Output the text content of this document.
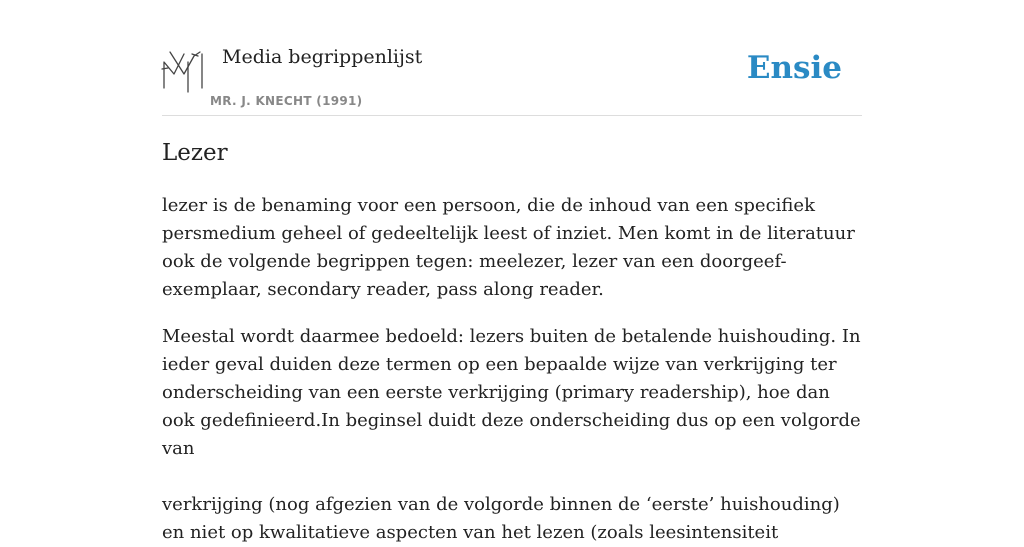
Media begrippenlijst
MR. J. KNECHT (1991)
Ensie
Lezer

lezer is de benaming voor een persoon, die de inhoud van een specifiek persmedium geheel of gedeeltelijk leest of inziet. Men komt in de literatuur ook de volgende begrippen tegen: meelezer, lezer van een doorgeef-exemplaar, secondary reader, pass along reader.

Meestal wordt daarmee bedoeld: lezers buiten de betalende huishouding. In ieder geval duiden deze termen op een bepaalde wijze van verkrijging ter onderscheiding van een eerste verkrijging (primary readership), hoe dan ook gedefinieerd.In beginsel duidt deze onderscheiding dus op een volgorde van

verkrijging (nog afgezien van de volgorde binnen de ‘eerste’ huishouding) en niet op kwalitatieve aspecten van het lezen (zoals leesintensiteit
